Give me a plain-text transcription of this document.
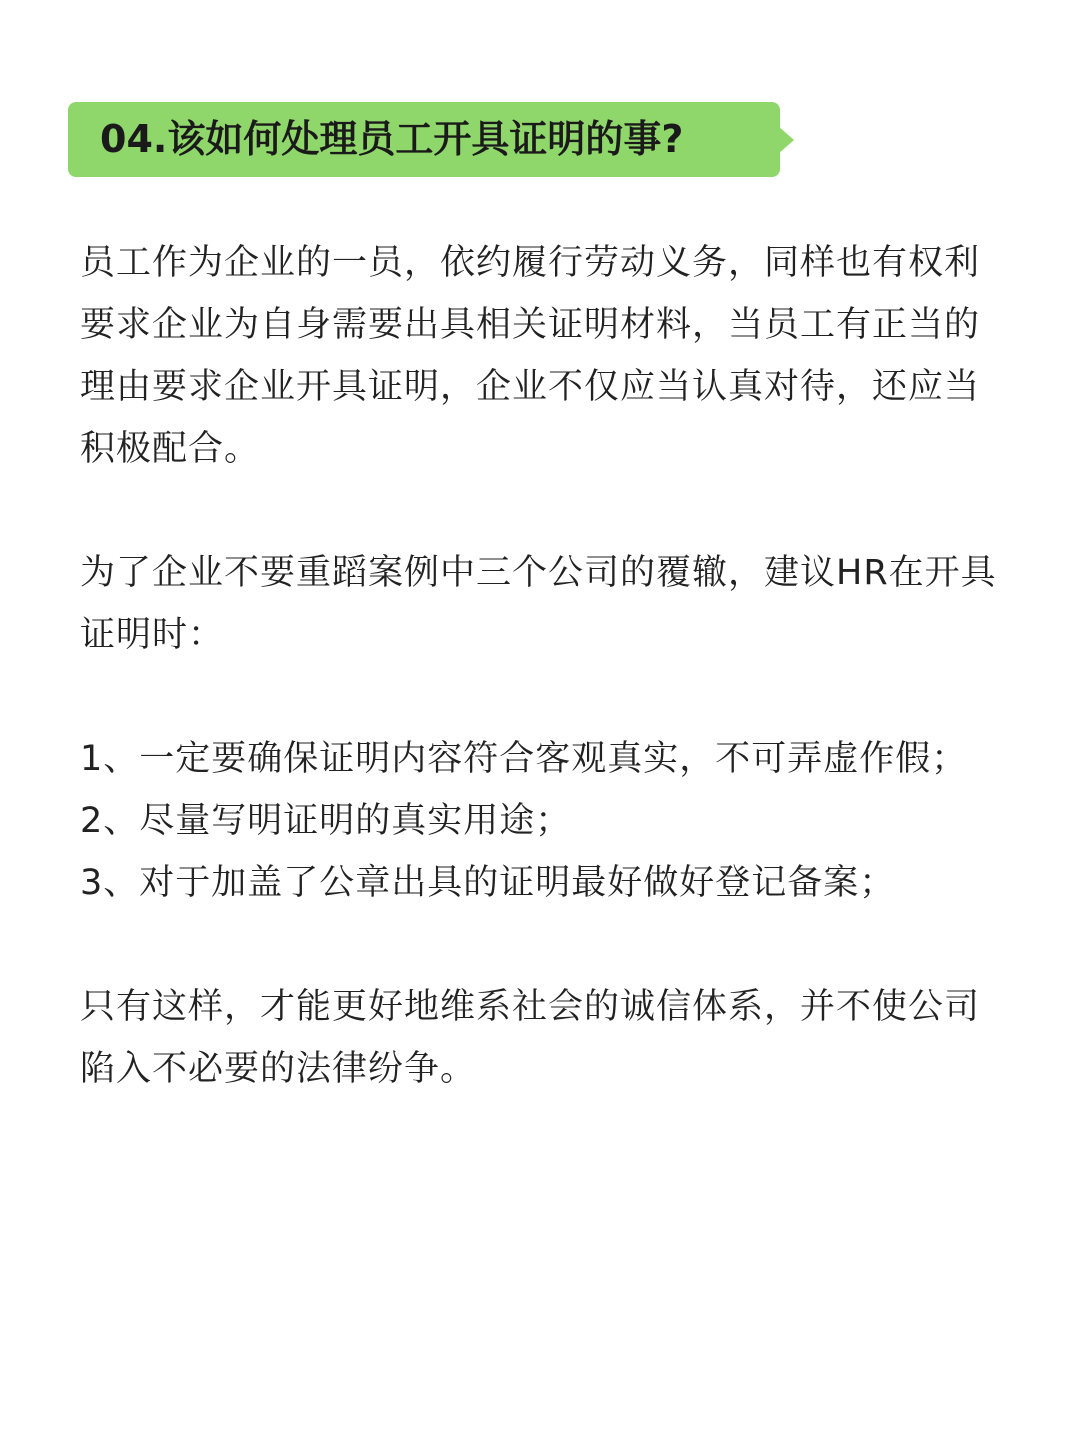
04.该如何处理员工开具证明的事?

员工作为企业的一员，依约履行劳动义务，同样也有权利要求企业为自身需要出具相关证明材料，当员工有正当的理由要求企业开具证明，企业不仅应当认真对待，还应当积极配合。

为了企业不要重蹈案例中三个公司的覆辙，建议HR在开具证明时：

1、一定要确保证明内容符合客观真实，不可弄虚作假；
2、尽量写明证明的真实用途；
3、对于加盖了公章出具的证明最好做好登记备案；

只有这样，才能更好地维系社会的诚信体系，并不使公司陷入不必要的法律纷争。
